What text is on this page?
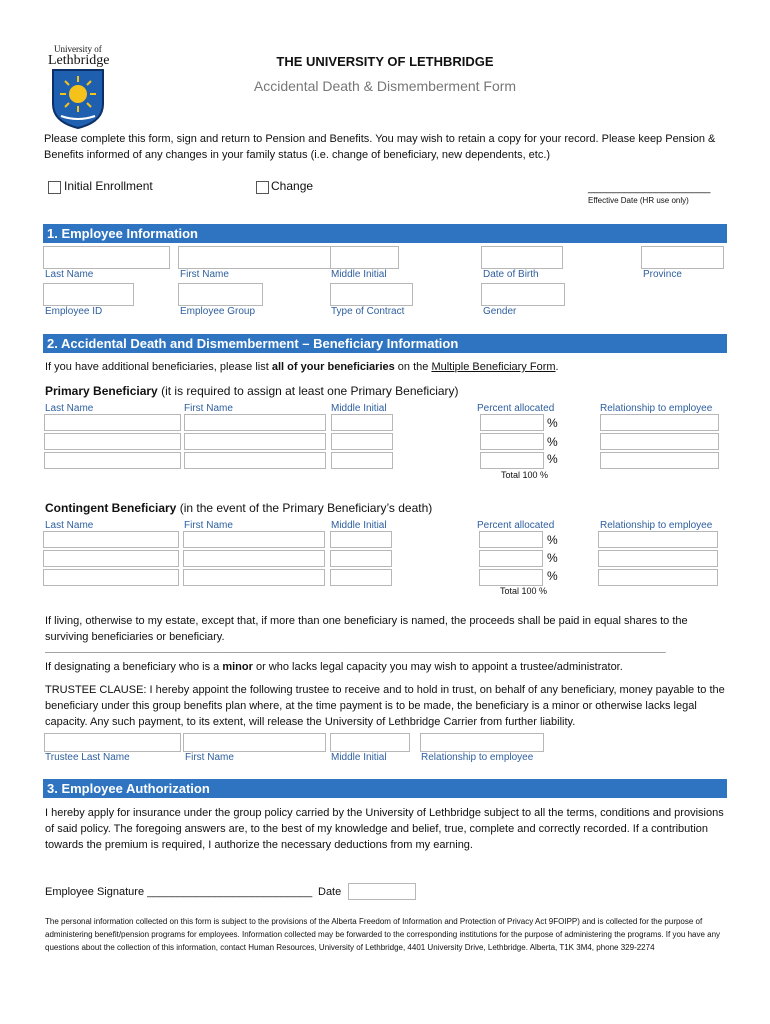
University of
Lethbridge	THE UNIVERSITY OF LETHBRIDGE
Accidental Death & Dismemberment Form
Please complete this form, sign and return to Pension and Benefits. You may wish to retain a copy for your record. Please keep Pension & Benefits informed of any changes in your family status (i.e. change of beneficiary, new dependents, etc.)
Initial Enrollment	Change	____________________
Effective Date (HR use only)
1. Employee Information
Last Name	First Name	Middle Initial	Date of Birth	Province
Employee ID	Employee Group	Type of Contract	Gender
2. Accidental Death and Dismemberment – Beneficiary Information
If you have additional beneficiaries, please list all of your beneficiaries on the Multiple Beneficiary Form.
Primary Beneficiary (it is required to assign at least one Primary Beneficiary)
Last Name	First Name	Middle Initial	Percent allocated	Relationship to employee
%
%
%
Total 100 %
Contingent Beneficiary (in the event of the Primary Beneficiary’s death)
Last Name	First Name	Middle Initial	Percent allocated	Relationship to employee
%
%
%
Total 100 %
If living, otherwise to my estate, except that, if more than one beneficiary is named, the proceeds shall be paid in equal shares to the surviving beneficiaries or beneficiary.
____________________________________________________________________________________________________________________________
If designating a beneficiary who is a minor or who lacks legal capacity you may wish to appoint a trustee/administrator.
TRUSTEE CLAUSE: I hereby appoint the following trustee to receive and to hold in trust, on behalf of any beneficiary, money payable to the beneficiary under this group benefits plan where, at the time payment is to be made, the beneficiary is a minor or otherwise lacks legal capacity. Any such payment, to its extent, will release the University of Lethbridge Carrier from further liability.
Trustee Last Name	First Name	Middle Initial	Relationship to employee
3. Employee Authorization
I hereby apply for insurance under the group policy carried by the University of Lethbridge subject to all the terms, conditions and provisions of said policy. The foregoing answers are, to the best of my knowledge and belief, true, complete and correctly recorded. If a contribution towards the premium is required, I authorize the necessary deductions from my earning.
Employee Signature ___________________________ Date
The personal information collected on this form is subject to the provisions of the Alberta Freedom of Information and Protection of Privacy Act 9FOIPP) and is collected for the purpose of administering benefit/pension programs for employees. Information collected may be forwarded to the corresponding institutions for the purpose of administering the programs. If you have any questions about the collection of this information, contact Human Resources, University of Lethbridge, 4401 University Drive, Lethbridge. Alberta, T1K 3M4, phone 329-2274
